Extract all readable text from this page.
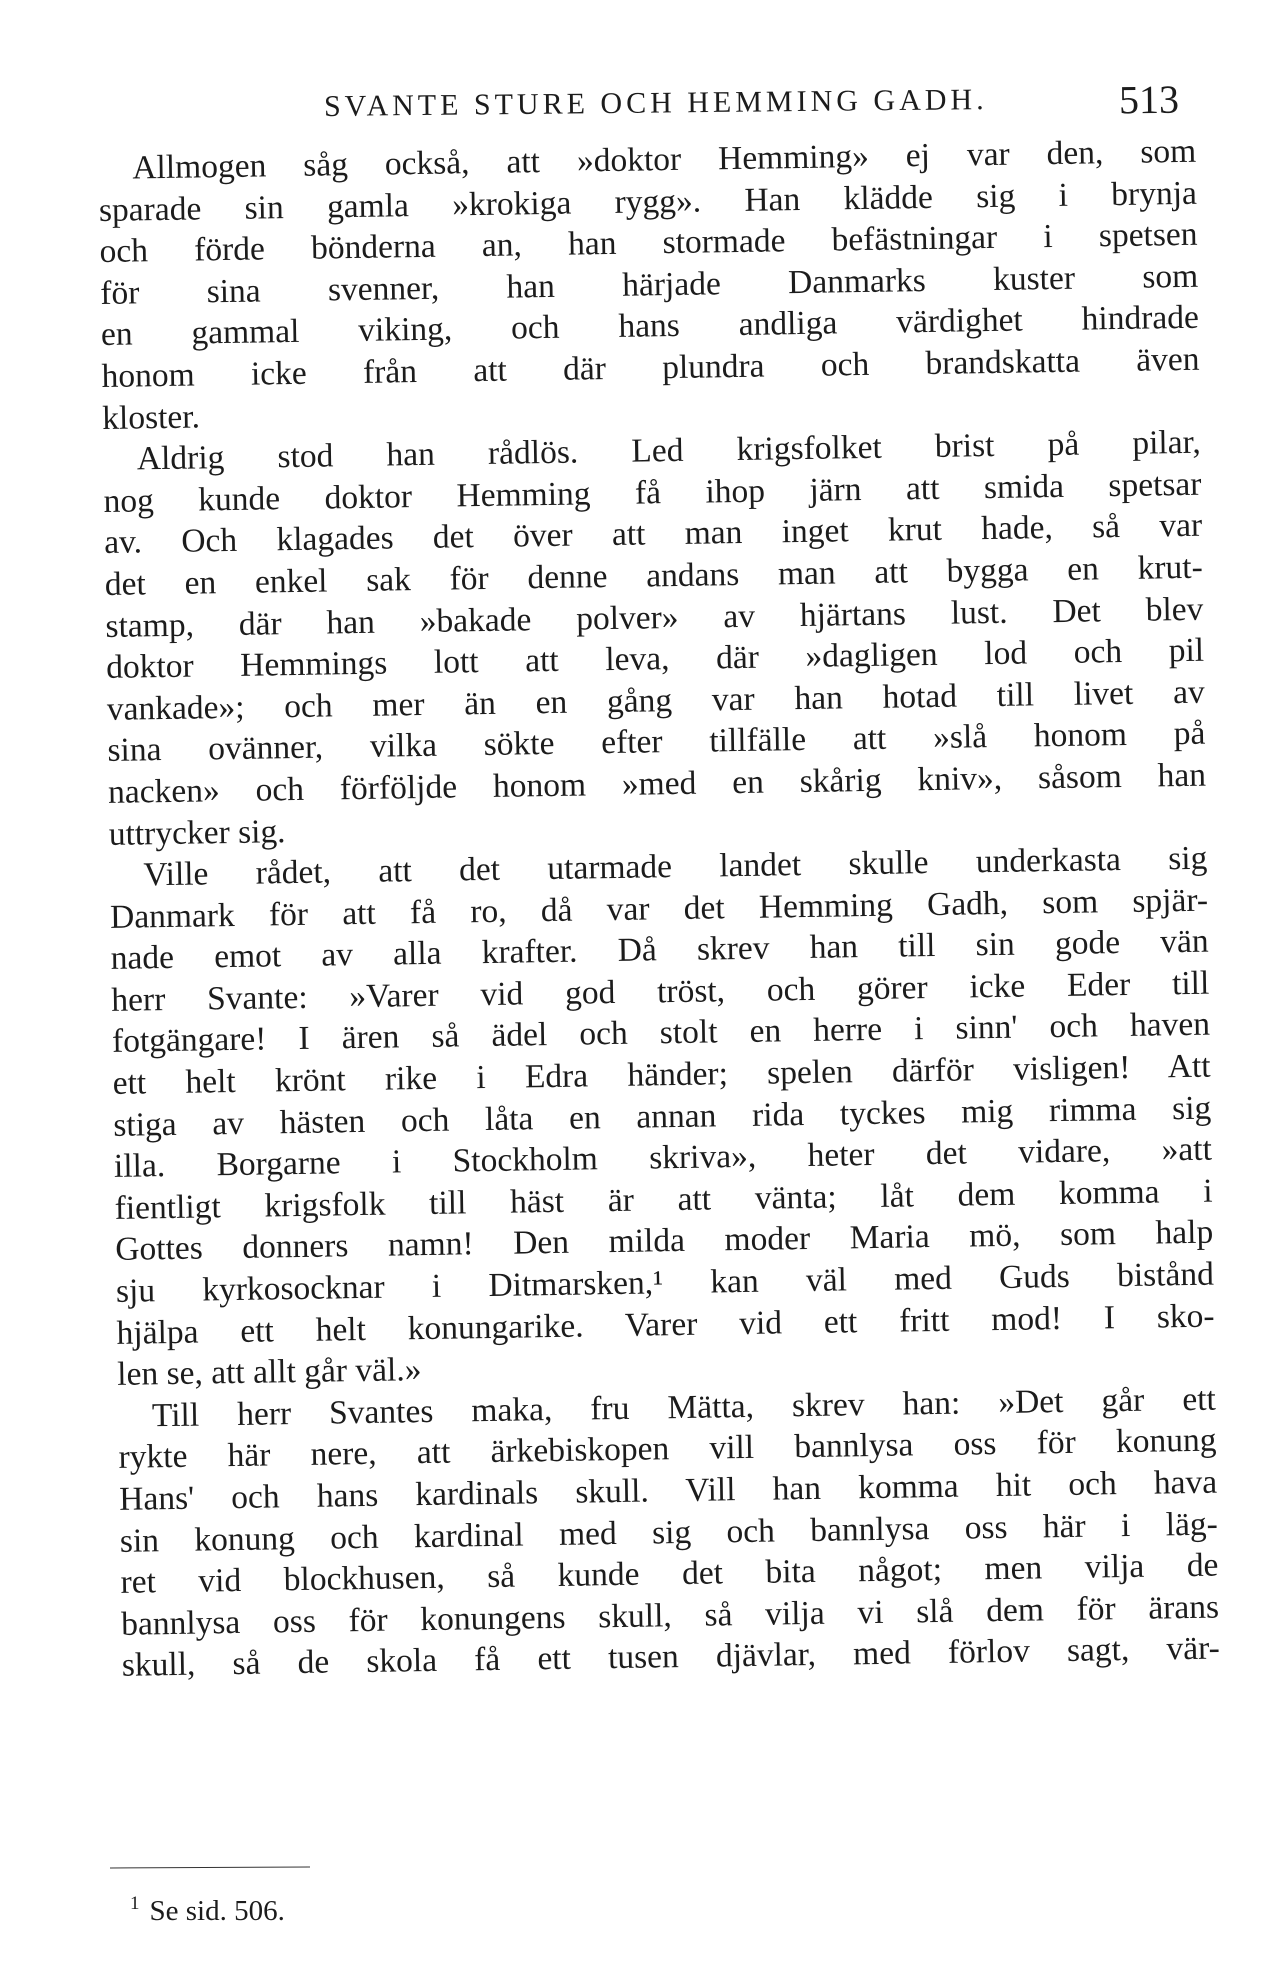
SVANTE STURE OCH HEMMING GADH.	513
Allmogen såg också, att »doktor Hemming» ej var den, som
sparade sin gamla »krokiga rygg». Han klädde sig i brynja
och förde bönderna an, han stormade befästningar i spetsen
för sina svenner, han härjade Danmarks kuster som
en gammal viking, och hans andliga värdighet hindrade
honom icke från att där plundra och brandskatta även
kloster.
Aldrig stod han rådlös. Led krigsfolket brist på pilar,
nog kunde doktor Hemming få ihop järn att smida spetsar
av. Och klagades det över att man inget krut hade, så var
det en enkel sak för denne andans man att bygga en krut-
stamp, där han »bakade polver» av hjärtans lust. Det blev
doktor Hemmings lott att leva, där »dagligen lod och pil
vankade»; och mer än en gång var han hotad till livet av
sina ovänner, vilka sökte efter tillfälle att »slå honom på
nacken» och förföljde honom »med en skårig kniv», såsom han
uttrycker sig.
Ville rådet, att det utarmade landet skulle underkasta sig
Danmark för att få ro, då var det Hemming Gadh, som spjär-
nade emot av alla krafter. Då skrev han till sin gode vän
herr Svante: »Varer vid god tröst, och görer icke Eder till
fotgängare! I ären så ädel och stolt en herre i sinn' och haven
ett helt krönt rike i Edra händer; spelen därför visligen! Att
stiga av hästen och låta en annan rida tyckes mig rimma sig
illa. Borgarne i Stockholm skriva», heter det vidare, »att
fientligt krigsfolk till häst är att vänta; låt dem komma i
Gottes donners namn! Den milda moder Maria mö, som halp
sju kyrkosocknar i Ditmarsken,¹ kan väl med Guds bistånd
hjälpa ett helt konungarike. Varer vid ett fritt mod! I sko-
len se, att allt går väl.»
Till herr Svantes maka, fru Mätta, skrev han: »Det går ett
rykte här nere, att ärkebiskopen vill bannlysa oss för konung
Hans' och hans kardinals skull. Vill han komma hit och hava
sin konung och kardinal med sig och bannlysa oss här i läg-
ret vid blockhusen, så kunde det bita något; men vilja de
bannlysa oss för konungens skull, så vilja vi slå dem för ärans
skull, så de skola få ett tusen djävlar, med förlov sagt, vär-
$^1$ Se sid. 506.
